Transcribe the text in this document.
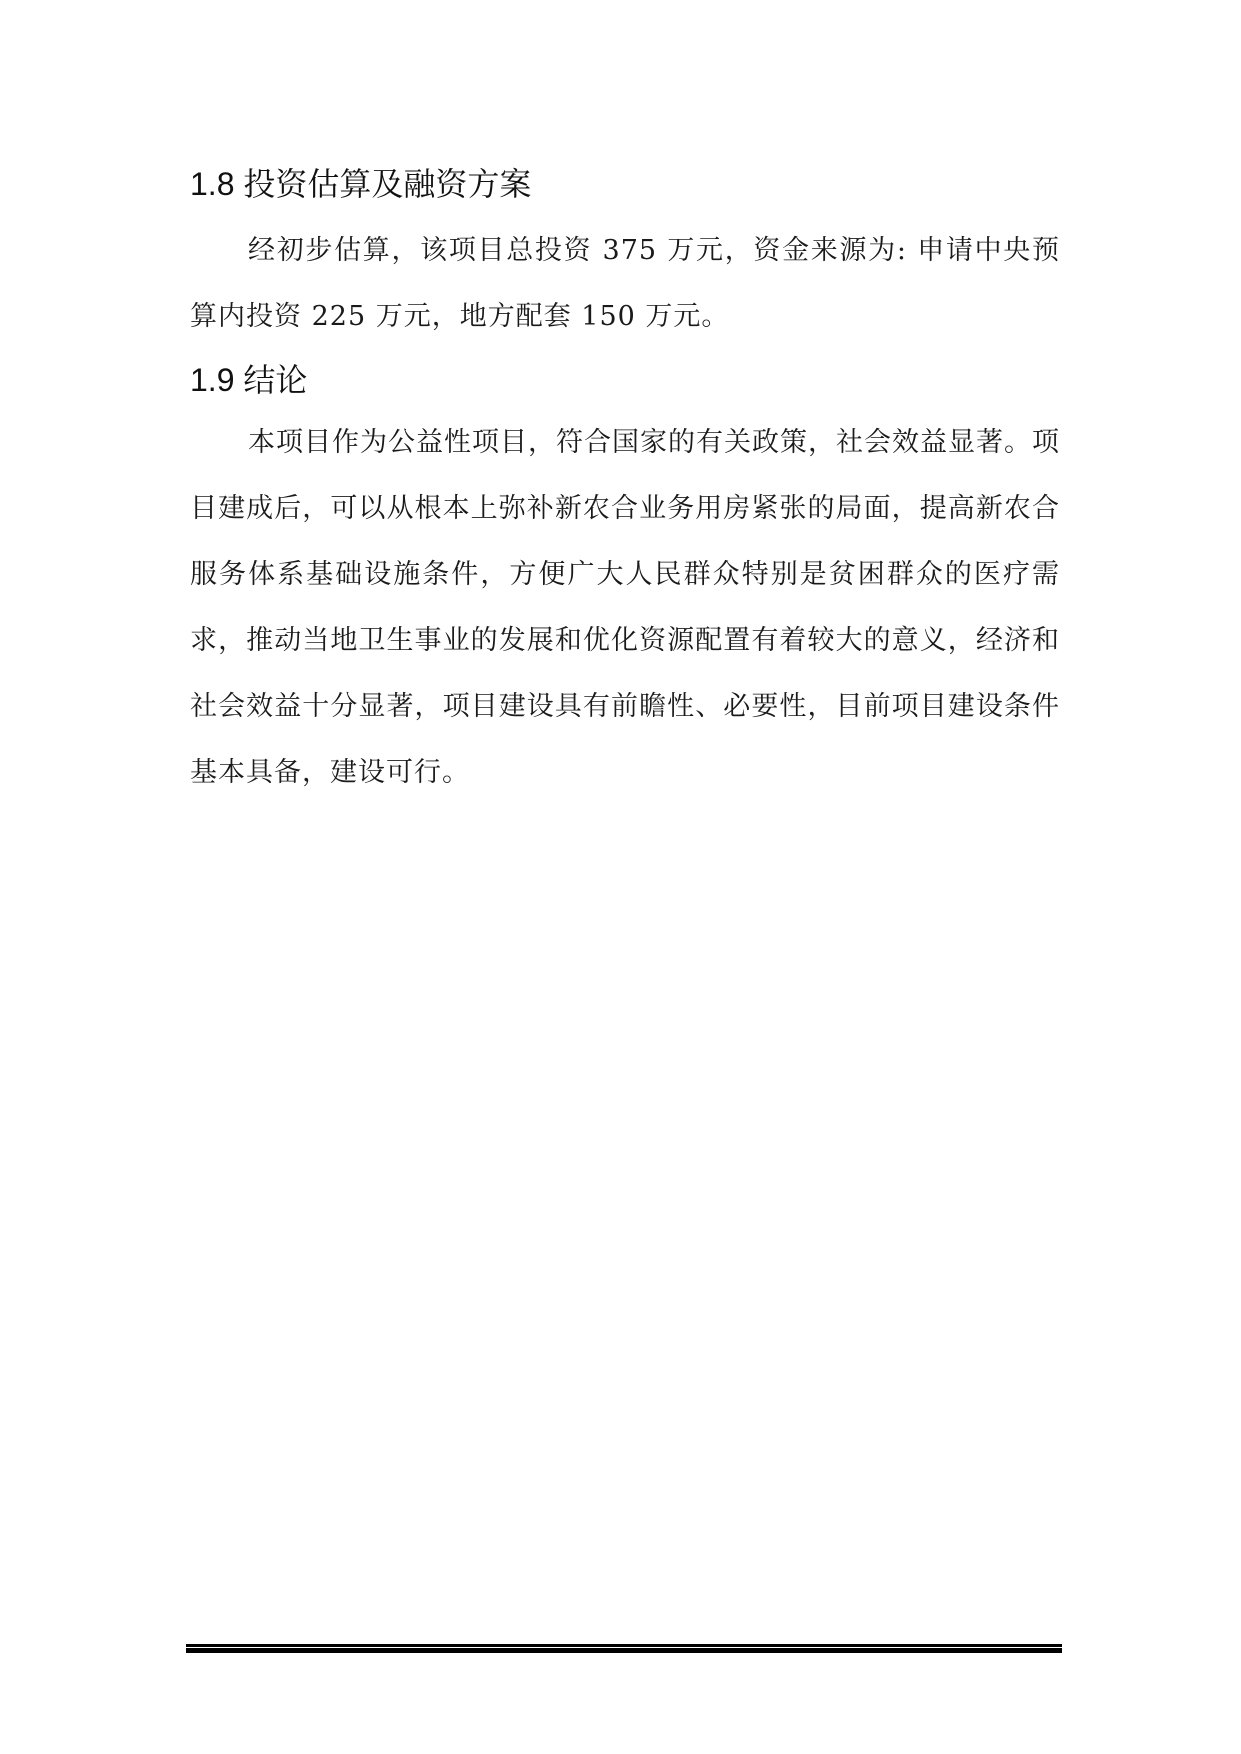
1.8 投资估算及融资方案

经初步估算，该项目总投资 375 万元，资金来源为: 申请中央预算内投资 225 万元，地方配套 150 万元。

1.9 结论

本项目作为公益性项目，符合国家的有关政策，社会效益显著。项目建成后，可以从根本上弥补新农合业务用房紧张的局面，提高新农合服务体系基础设施条件，方便广大人民群众特别是贫困群众的医疗需求，推动当地卫生事业的发展和优化资源配置有着较大的意义，经济和社会效益十分显著，项目建设具有前瞻性、必要性，目前项目建设条件基本具备，建设可行。
